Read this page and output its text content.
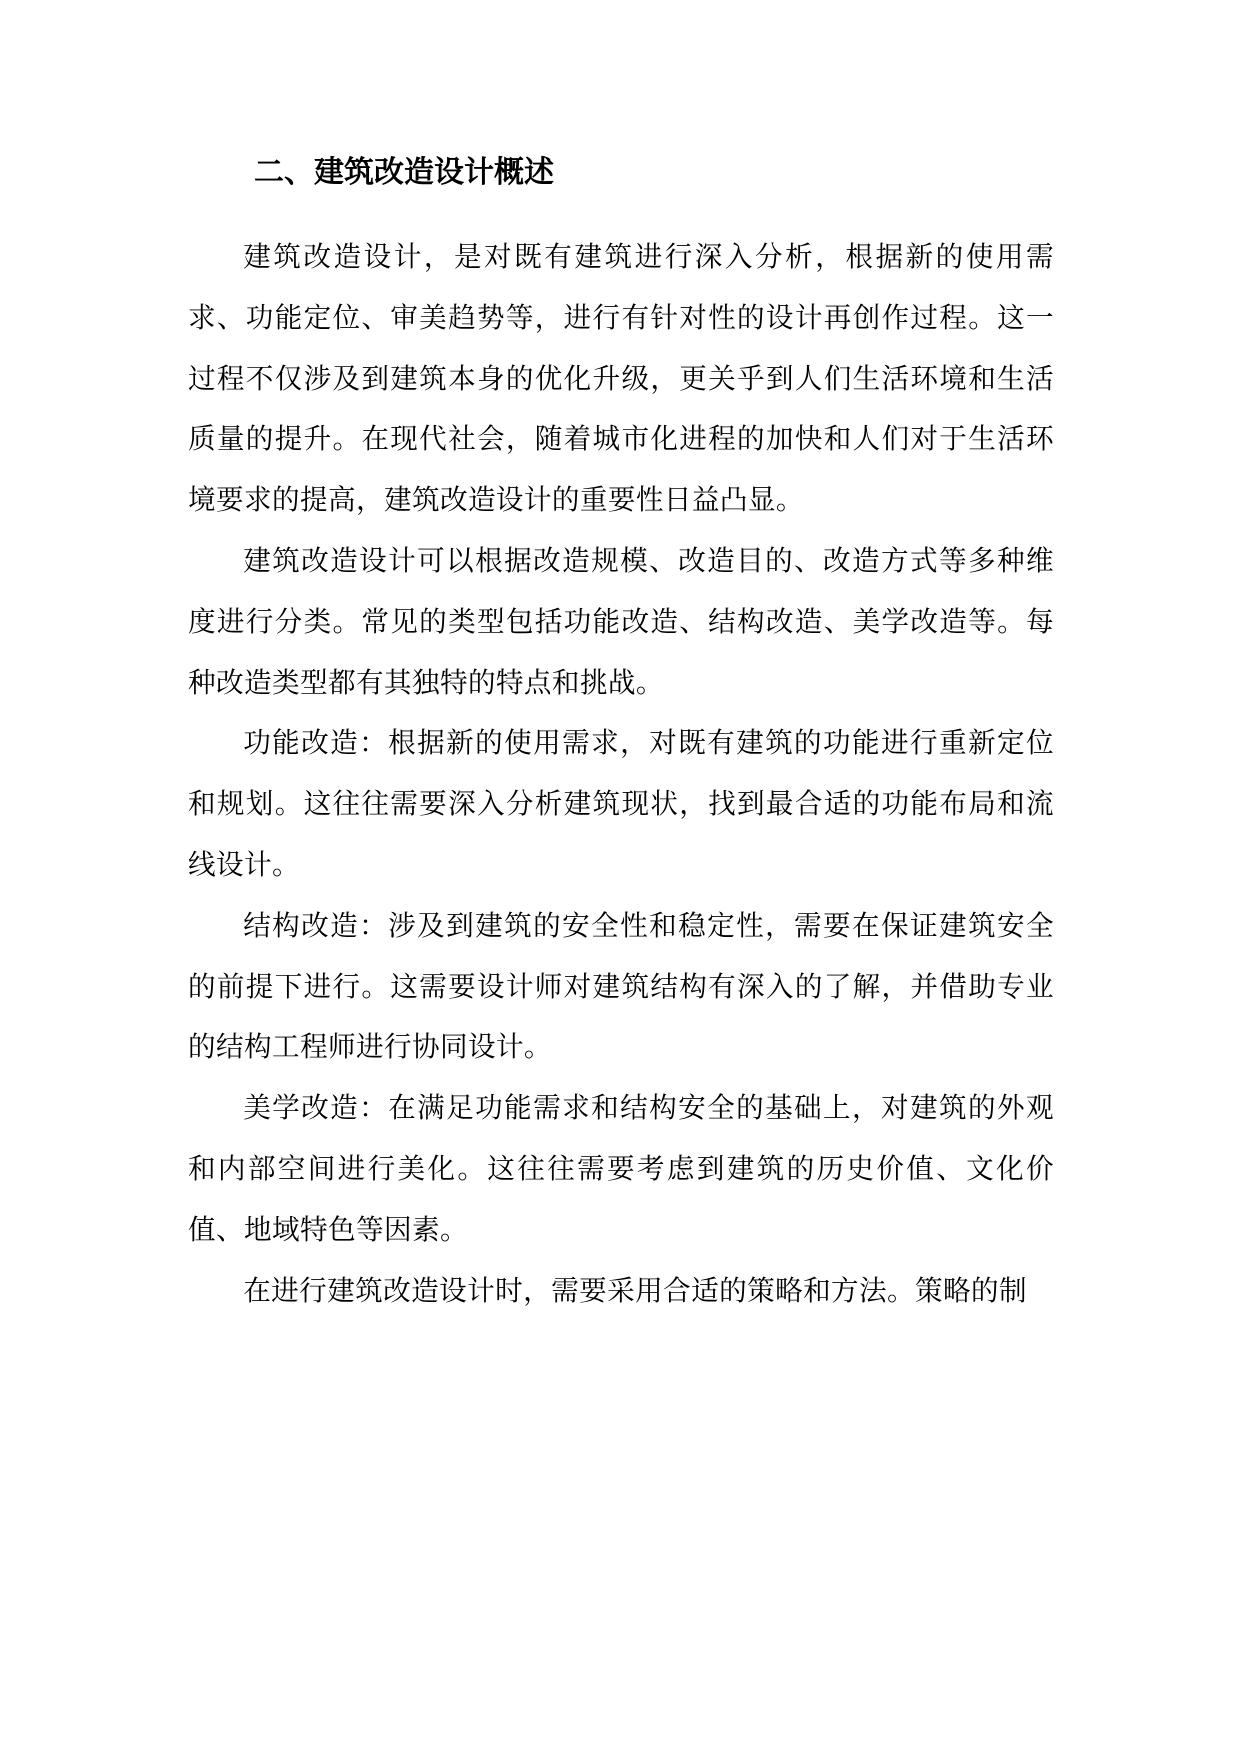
二、建筑改造设计概述

建筑改造设计，是对既有建筑进行深入分析，根据新的使用需求、功能定位、审美趋势等，进行有针对性的设计再创作过程。这一过程不仅涉及到建筑本身的优化升级，更关乎到人们生活环境和生活质量的提升。在现代社会，随着城市化进程的加快和人们对于生活环境要求的提高，建筑改造设计的重要性日益凸显。

建筑改造设计可以根据改造规模、改造目的、改造方式等多种维度进行分类。常见的类型包括功能改造、结构改造、美学改造等。每种改造类型都有其独特的特点和挑战。

功能改造：根据新的使用需求，对既有建筑的功能进行重新定位和规划。这往往需要深入分析建筑现状，找到最合适的功能布局和流线设计。

结构改造：涉及到建筑的安全性和稳定性，需要在保证建筑安全的前提下进行。这需要设计师对建筑结构有深入的了解，并借助专业的结构工程师进行协同设计。

美学改造：在满足功能需求和结构安全的基础上，对建筑的外观和内部空间进行美化。这往往需要考虑到建筑的历史价值、文化价值、地域特色等因素。

在进行建筑改造设计时，需要采用合适的策略和方法。策略的制
